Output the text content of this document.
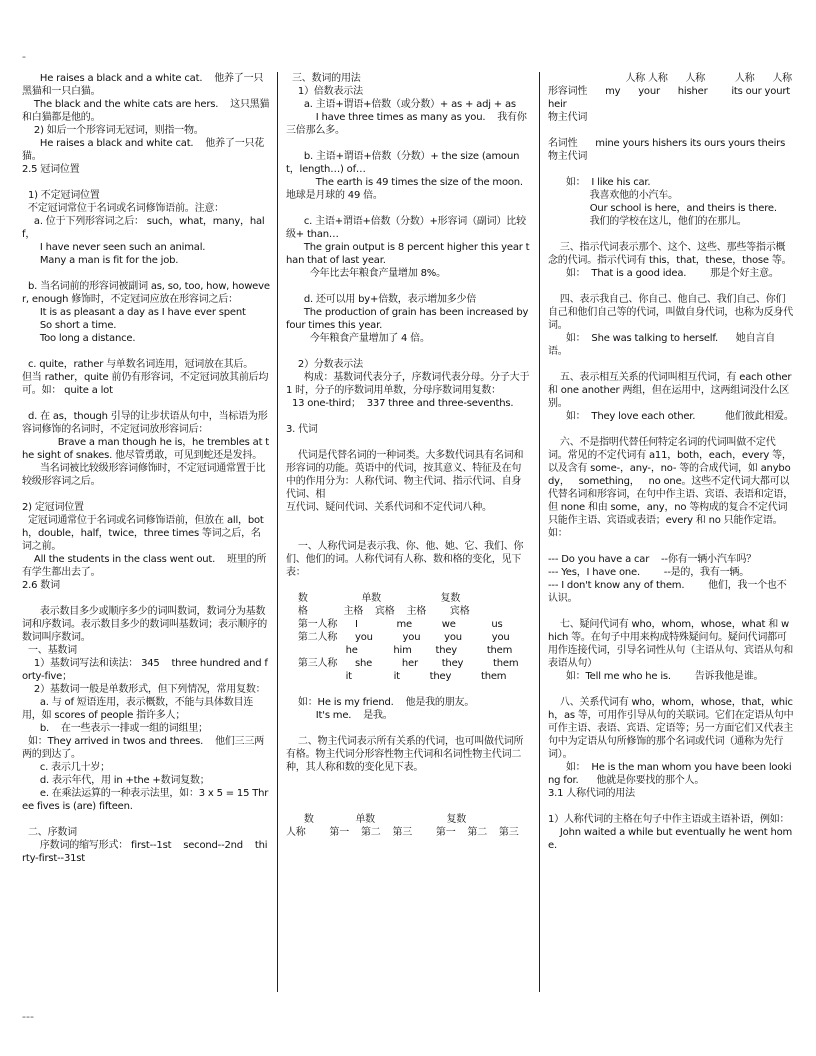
-

He raises a black and a white cat.    他养了一只黑猫和一只白猫。

The black and the white cats are hers.    这只黑猫和白猫都是他的。

2) 如后一个形容词无冠词，则指一物。

He raises a black and white cat.    他养了一只花猫。

2.5 冠词位置

1) 不定冠词位置

不定冠词常位于名词或名词修饰语前。注意：

a. 位于下列形容词之后： such，what，many，half，

I have never seen such an animal.

Many a man is fit for the job.

b. 当名词前的形容词被副词 as, so, too, how, however, enough 修饰时，不定冠词应放在形容词之后：

It is as pleasant a day as I have ever spent

So short a time.

Too long a distance.

c. quite，rather 与单数名词连用，冠词放在其后。

但当 rather，quite 前仍有形容词，不定冠词放其前后均可。如： quite a lot

d. 在 as，though 引导的让步状语从句中，当标语为形容词修饰的名词时，不定冠词放形容词后：

Brave a man though he is，he trembles at the sight of snakes. 他尽管勇敢，可见到蛇还是发抖。

当名词被比较级形容词修饰时，不定冠词通常置于比较级形容词之后。

2) 定冠词位置

定冠词通常位于名词或名词修饰语前，但放在 all，both，double，half，twice，three times 等词之后，名词之前。

All the students in the class went out.    班里的所有学生都出去了。

2.6 数词

表示数目多少或顺序多少的词叫数词，数词分为基数词和序数词。表示数目多少的数词叫基数词；表示顺序的数词叫序数词。

一、基数词

1）基数词写法和读法： 345    three hundred and forty-five；

2）基数词一般是单数形式，但下列情况，常用复数：

a. 与 of 短语连用，表示概数，不能与具体数目连用，如 scores of people 指许多人；

b.    在一些表示一排或一组的词组里；

如：They arrived in twos and threes.    他们三三两两的到达了。

c. 表示几十岁；

d. 表示年代，用 in +the +数词复数；

e. 在乘法运算的一种表示法里，如：3 x 5 = 15 Three fives is (are) fifteen.

二、序数词

序数词的缩写形式： first--1st    second--2nd    thirty-first--31st

三、数词的用法

1）倍数表示法

a. 主语+谓语+倍数（或分数）+ as + adj + as

I have three times as many as you.    我有你三倍那么多。

b. 主语+谓语+倍数（分数）+ the size (amount，length…) of…

The earth is 49 times the size of the moon.    地球是月球的 49 倍。

c. 主语+谓语+倍数（分数）+形容词（副词）比较级+ than…

The grain output is 8 percent higher this year than that of last year.

今年比去年粮食产量增加 8%。

d. 还可以用 by+倍数，表示增加多少倍

The production of grain has been increased by four times this year.

今年粮食产量增加了 4 倍。

2）分数表示法

构成：基数词代表分子，序数词代表分母。分子大于 1 时，分子的序数词用单数，分母序数词用复数：

13 one-third；  337 three and three-sevenths.

3. 代词

代词是代替名词的一种词类。大多数代词具有名词和形容词的功能。英语中的代词，按其意义、特征及在句中的作用分为：人称代词、物主代词、指示代词、自身代词、相

互代词、疑问代词、关系代词和不定代词八种。

一、人称代词是表示我、你、他、她、它、我们、你们、他们的词。人称代词有人称、数和格的变化，见下表：

数                  单数                    复数

格            主格    宾格    主格        宾格

第一人称      I             me          we            us

第二人称      you          you        you          you

he            him        they          them

第三人称      she          her        they          them

it              it          they          them

如：He is my friend.    他是我的朋友。

It's me.    是我。

二、物主代词表示所有关系的代词，也可叫做代词所有格。物主代词分形容性物主代词和名词性物主代词二种，其人称和数的变化见下表。

数              单数                        复数

人称        第一    第二    第三        第一    第二    第三

人称 人称      人称          人称      人称

形容词性      my      your      hisher        its our yourtheir

物主代词

名词性      mine yours hishers its ours yours theirs

物主代词

如：  I like his car.

我喜欢他的小汽车。

Our school is here，and theirs is there.

我们的学校在这儿，他们的在那儿。

三、指示代词表示那个、这个、这些、那些等指示概念的代词。指示代词有 this，that，these，those 等。

如：  That is a good idea.        那是个好主意。

四、表示我自己、你自己、他自己、我们自己、你们自己和他们自己等的代词，叫做自身代词，也称为反身代词。

如：  She was talking to herself.      她自言自语。

五、表示相互关系的代词叫相互代词，有 each other 和 one another 两组，但在运用中，这两组词没什么区别。

如：  They love each other.          他们彼此相爱。

六、不是指明代替任何特定名词的代词叫做不定代词。常见的不定代词有 a11，both，each，every 等，以及含有 some-，any-，no- 等的合成代词，如 anybody，   something，   no one。这些不定代词大都可以代替名词和形容词，在句中作主语、宾语、表语和定语，但 none 和由 some，any，no 等构成的复合不定代词只能作主语、宾语或表语；every 和 no 只能作定语。如：

--- Do you have a car    --你有一辆小汽车吗？

--- Yes，I have one.        --是的，我有一辆。

--- I don't know any of them.        他们，我一个也不认识。

七、疑问代词有 who，whom，whose，what 和 which 等。在句子中用来构成特殊疑问句。疑问代词都可用作连接代词，引导名词性从句（主语从句、宾语从句和表语从句）

如：Tell me who he is.        告诉我他是谁。

八、关系代词有 who，whom，whose，that，which，as 等，可用作引导从句的关联词。它们在定语从句中可作主语、表语、宾语、定语等；另一方面它们又代表主句中为定语从句所修饰的那个名词或代词（通称为先行词）。

如：  He is the man whom you have been looking for.      他就是你要找的那个人。

3.1 人称代词的用法

1）人称代词的主格在句子中作主语或主语补语，例如：

John waited a while but eventually he went home.

---
